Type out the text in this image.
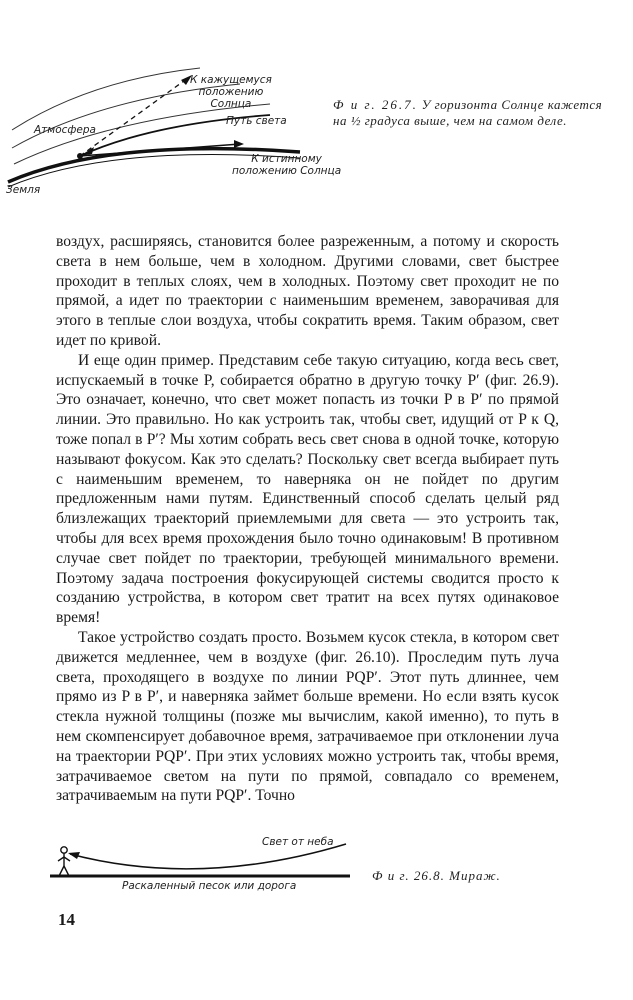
К кажущемуся
положению
Солнца
Атмосфера
Путь света
К истинному
положению Солнца
Земля
Ф и г. 26.7. У горизонта Солнце кажется на ½ градуса выше, чем на самом деле.

воздух, расширяясь, становится более разреженным, а потому и скорость света в нем больше, чем в холодном. Другими словами, свет быстрее проходит в теплых слоях, чем в холодных. Поэтому свет проходит не по прямой, а идет по траектории с наименьшим временем, заворачивая для этого в теплые слои воздуха, чтобы сократить время. Таким образом, свет идет по кривой.

И еще один пример. Представим себе такую ситуацию, когда весь свет, испускаемый в точке P, собирается обратно в другую точку P′ (фиг. 26.9). Это означает, конечно, что свет может попасть из точки P в P′ по прямой линии. Это правильно. Но как устроить так, чтобы свет, идущий от P к Q, тоже попал в P′? Мы хотим собрать весь свет снова в одной точке, которую называют фокусом. Как это сделать? Поскольку свет всегда выбирает путь с наименьшим временем, то наверняка он не пойдет по другим предложенным нами путям. Единственный способ сделать целый ряд близлежащих траекторий приемлемыми для света — это устроить так, чтобы для всех время прохождения было точно одинаковым! В противном случае свет пойдет по траектории, требующей минимального времени. Поэтому задача построения фокусирующей системы сводится просто к созданию устройства, в котором свет тратит на всех путях одинаковое время!

Такое устройство создать просто. Возьмем кусок стекла, в котором свет движется медленнее, чем в воздухе (фиг. 26.10). Проследим путь луча света, проходящего в воздухе по линии PQP′. Этот путь длиннее, чем прямо из P в P′, и наверняка займет больше времени. Но если взять кусок стекла нужной толщины (позже мы вычислим, какой именно), то путь в нем скомпенсирует добавочное время, затрачиваемое при отклонении луча на траектории PQP′. При этих условиях можно устроить так, чтобы время, затрачиваемое светом на пути по прямой, совпадало со временем, затрачиваемым на пути PQP′. Точно

Свет от неба
Раскаленный песок или дорога
Ф и г. 26.8. Мираж.
14
